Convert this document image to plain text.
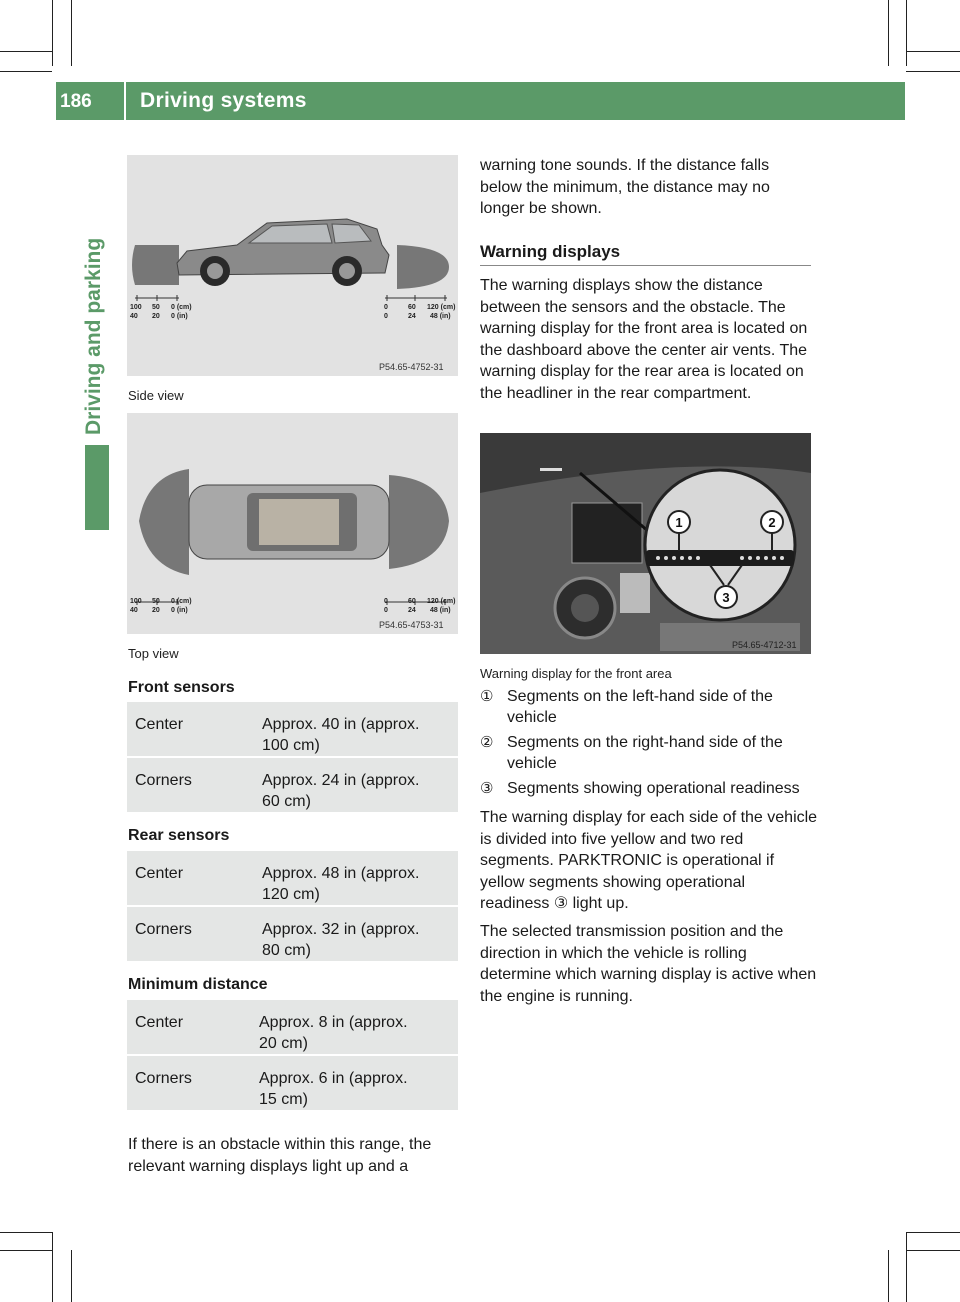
186 Driving systems
Driving and parking	100 50 0 (cm)
40 20 0 (in)
0	60 120 (cm)
0	24 48 (in)
P54.65-4752-31
Side view
100 50 0 (cm)
40 20 0 (in)
0	60 120 (cm)
0	24 48 (in)
P54.65-4753-31
Top view
Front sensors
Center	Approx. 40 in (approx. 100 cm)
Corners	Approx. 24 in (approx. 60 cm)
Rear sensors
Center	Approx. 48 in (approx. 120 cm)
Corners	Approx. 32 in (approx. 80 cm)
Minimum distance
Center	Approx. 8 in (approx. 20 cm)
Corners	Approx. 6 in (approx. 15 cm)
If there is an obstacle within this range, the relevant warning displays light up and a
warning tone sounds. If the distance falls below the minimum, the distance may no longer be shown.
Warning displays
The warning displays show the distance between the sensors and the obstacle. The warning display for the front area is located on the dashboard above the center air vents. The warning display for the rear area is located on the headliner in the rear compartment.
1	2
3
P54.65-4712-31
Warning display for the front area
① Segments on the left-hand side of the vehicle
② Segments on the right-hand side of the vehicle
③ Segments showing operational readiness
The warning display for each side of the vehicle is divided into five yellow and two red segments. PARKTRONIC is operational if yellow segments showing operational readiness ③ light up.
The selected transmission position and the direction in which the vehicle is rolling determine which warning display is active when the engine is running.
